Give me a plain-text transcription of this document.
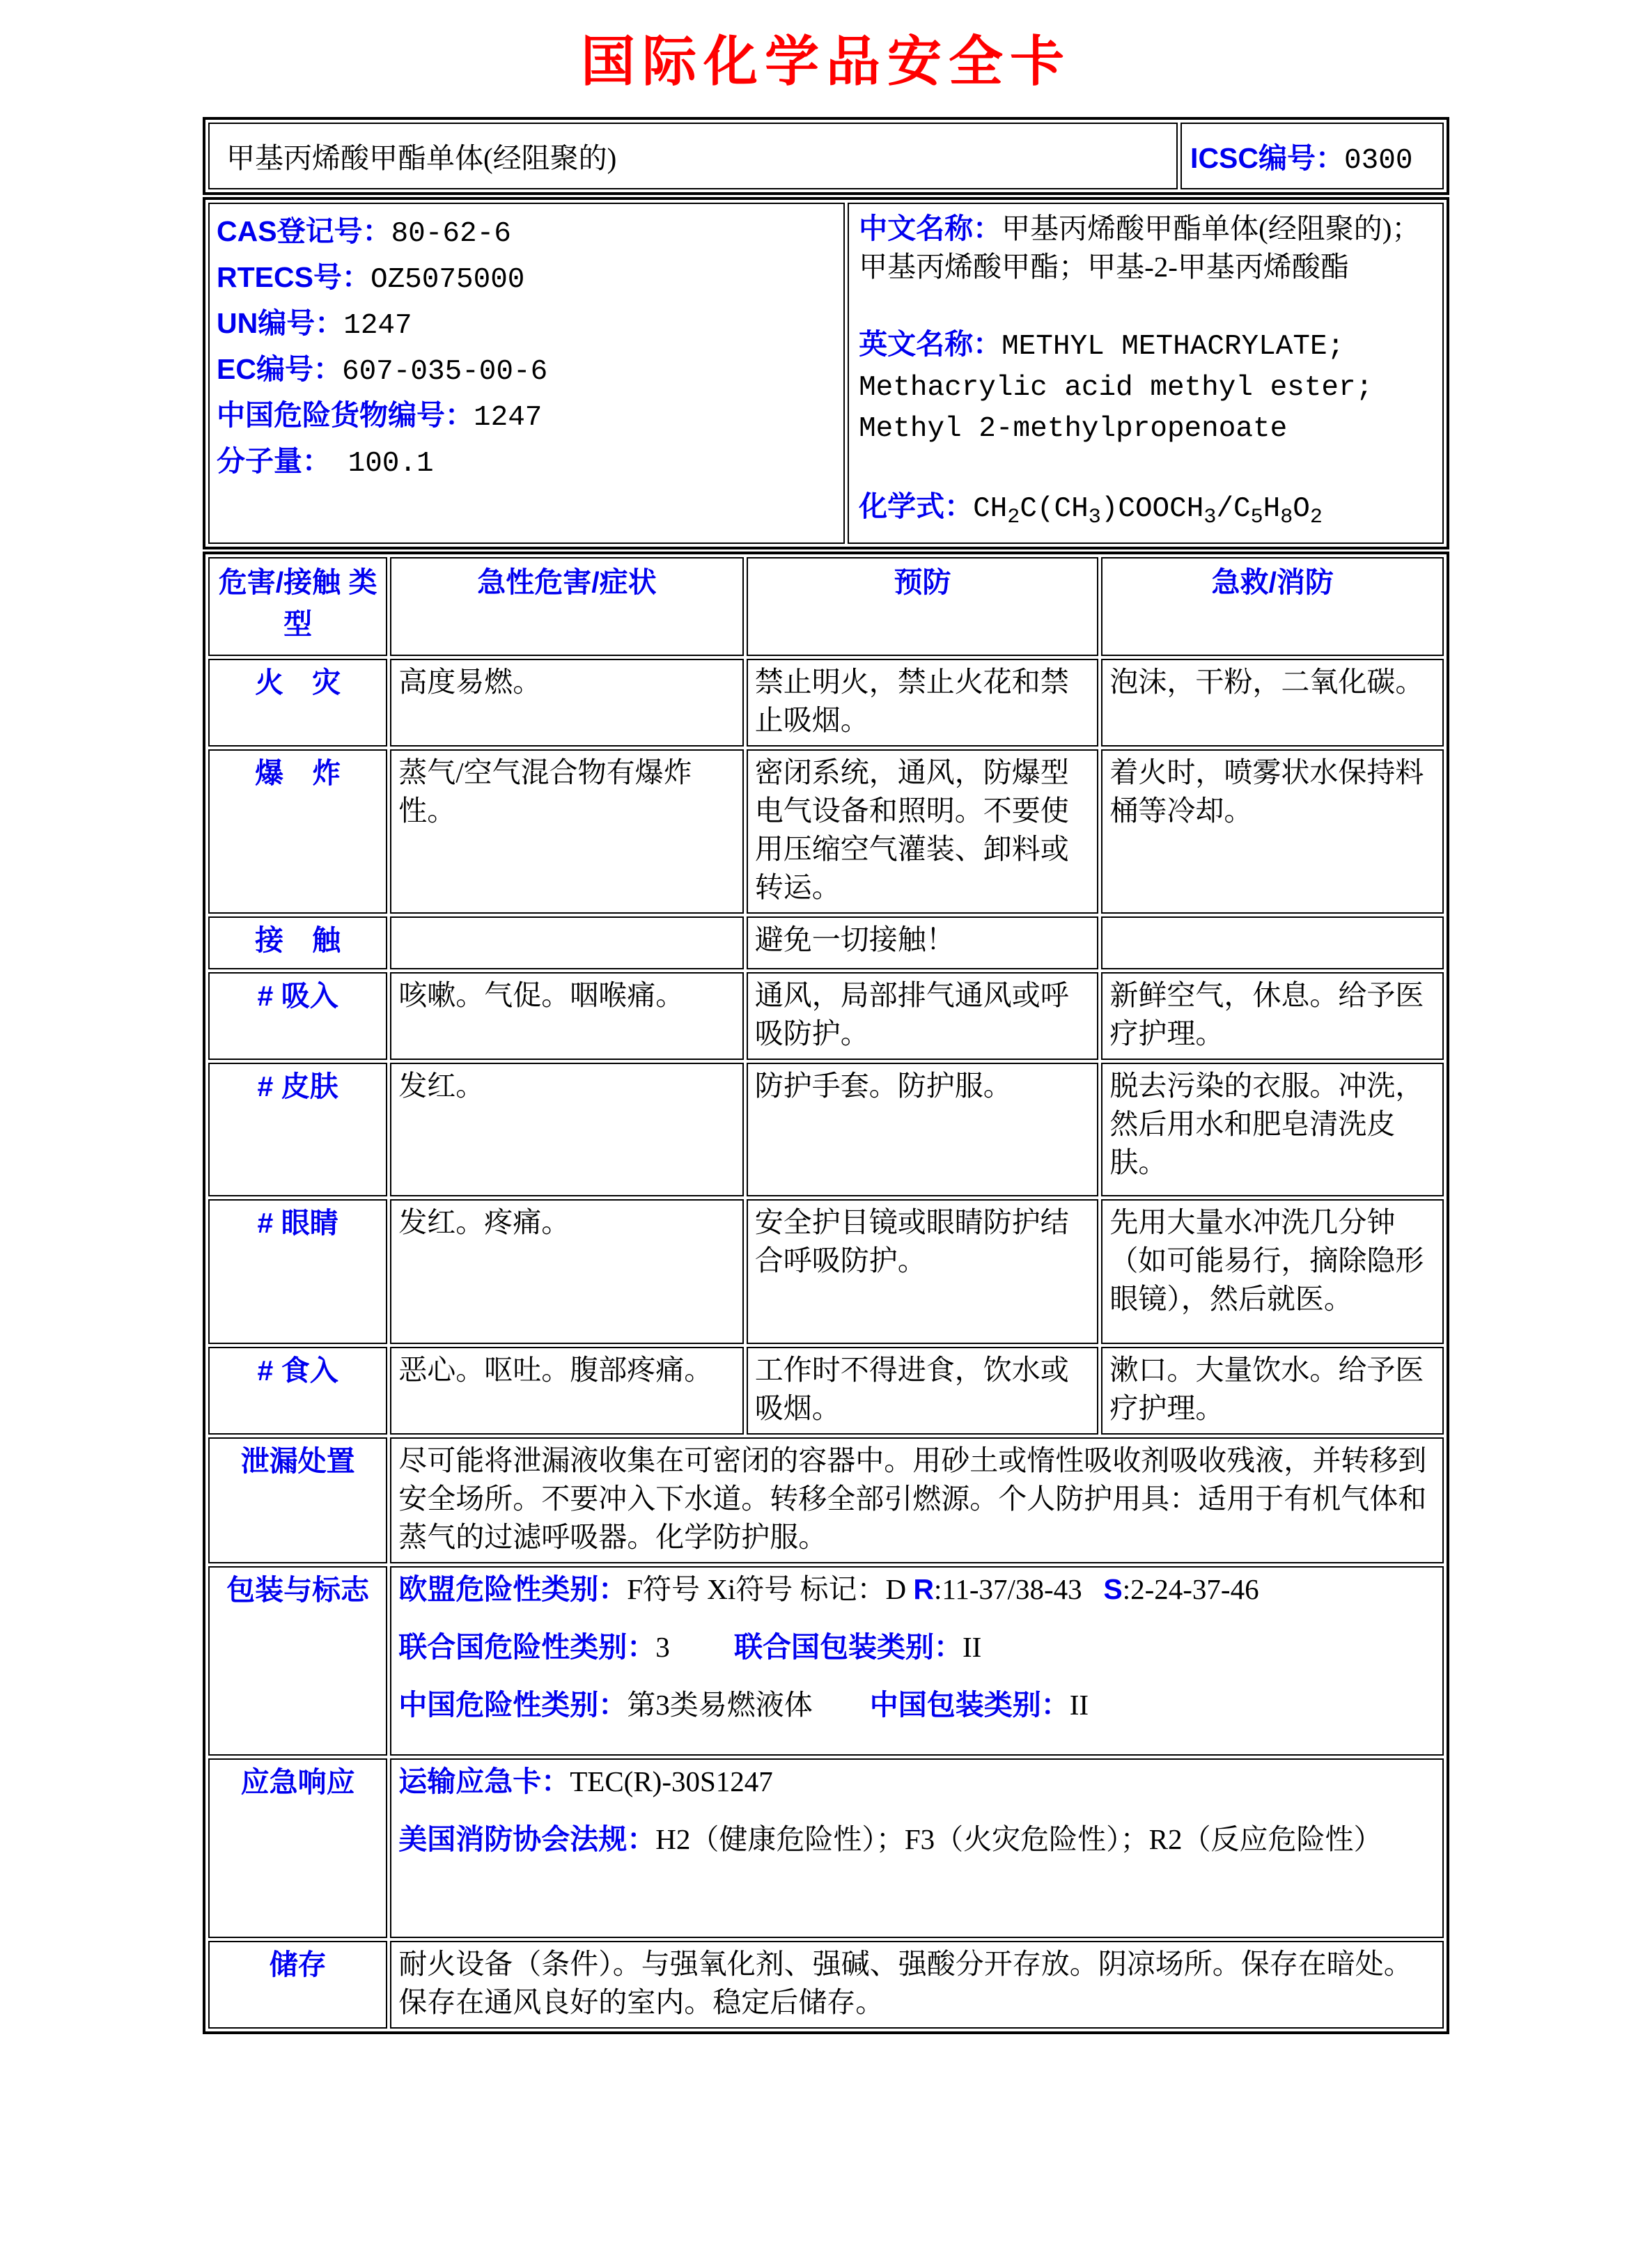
国际化学品安全卡
甲基丙烯酸甲酯单体(经阻聚的)	ICSC编号：0300
CAS登记号：80-62-6
RTECS号：OZ5075000
UN编号：1247
EC编号：607-035-00-6
中国危险货物编号：1247
分子量： 100.1

中文名称：甲基丙烯酸甲酯单体(经阻聚的)；甲基丙烯酸甲酯；甲基-2-甲基丙烯酸酯

英文名称：METHYL METHACRYLATE; Methacrylic acid methyl ester; Methyl 2-methylpropenoate

化学式：$CH_2C(CH_3)COOCH_3/C_5H_8O_2$

危害/接触 类型	急性危害/症状	预防	急救/消防
火　灾	高度易燃。	禁止明火，禁止火花和禁止吸烟。	泡沫，干粉，二氧化碳。
爆　炸	蒸气/空气混合物有爆炸性。	密闭系统，通风，防爆型电气设备和照明。不要使用压缩空气灌装、卸料或转运。	着火时，喷雾状水保持料桶等冷却。
接　触		避免一切接触！	
# 吸入	咳嗽。气促。咽喉痛。	通风，局部排气通风或呼吸防护。	新鲜空气，休息。给予医疗护理。
# 皮肤	发红。	防护手套。防护服。	脱去污染的衣服。冲洗，然后用水和肥皂清洗皮肤。
# 眼睛	发红。疼痛。	安全护目镜或眼睛防护结合呼吸防护。	先用大量水冲洗几分钟（如可能易行，摘除隐形眼镜），然后就医。
# 食入	恶心。呕吐。腹部疼痛。	工作时不得进食，饮水或吸烟。	漱口。大量饮水。给予医疗护理。
泄漏处置	尽可能将泄漏液收集在可密闭的容器中。用砂土或惰性吸收剂吸收残液，并转移到安全场所。不要冲入下水道。转移全部引燃源。个人防护用具：适用于有机气体和蒸气的过滤呼吸器。化学防护服。		
包装与标志	欧盟危险性类别：F符号 Xi符号 标记：D R:11-37/38-43   S:2-24-37-46

联合国危险性类别：3　　 联合国包装类别：II

中国危险性类别：第3类易燃液体　　 中国包装类别：II		

应急响应	运输应急卡：TEC(R)-30S1247

美国消防协会法规：H2（健康危险性）；F3（火灾危险性）；R2（反应危险性）		

储存	耐火设备（条件）。与强氧化剂、强碱、强酸分开存放。阴凉场所。保存在暗处。保存在通风良好的室内。稳定后储存。		
